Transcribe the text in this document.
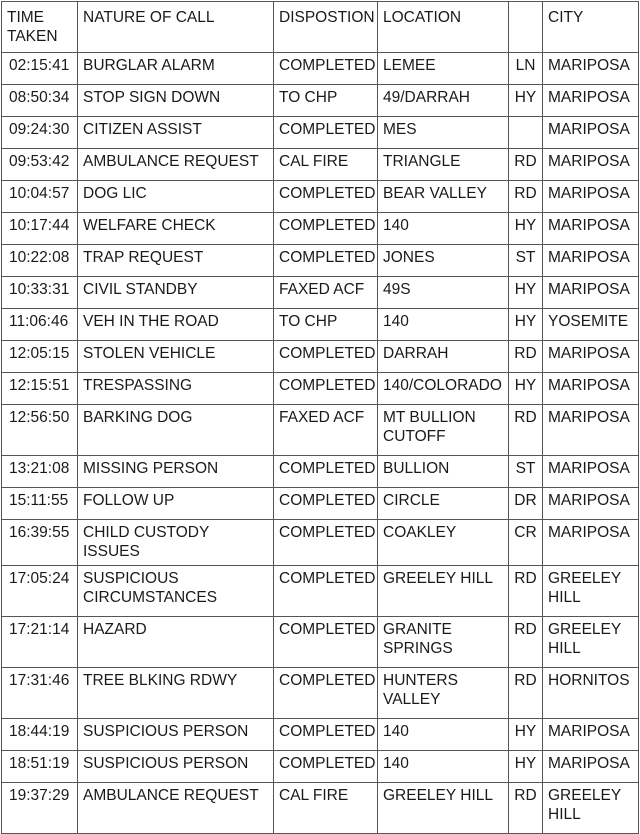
TIME
TAKEN	NATURE OF CALL	DISPOSTION	LOCATION		CITY
02:15:41	BURGLAR ALARM	COMPLETED	LEMEE	LN	MARIPOSA
08:50:34	STOP SIGN DOWN	TO CHP	49/DARRAH	HY	MARIPOSA
09:24:30	CITIZEN ASSIST	COMPLETED	MES		MARIPOSA
09:53:42	AMBULANCE REQUEST	CAL FIRE	TRIANGLE	RD	MARIPOSA
10:04:57	DOG LIC	COMPLETED	BEAR VALLEY	RD	MARIPOSA
10:17:44	WELFARE CHECK	COMPLETED	140	HY	MARIPOSA
10:22:08	TRAP REQUEST	COMPLETED	JONES	ST	MARIPOSA
10:33:31	CIVIL STANDBY	FAXED ACF	49S	HY	MARIPOSA
11:06:46	VEH IN THE ROAD	TO CHP	140	HY	YOSEMITE
12:05:15	STOLEN VEHICLE	COMPLETED	DARRAH	RD	MARIPOSA
12:15:51	TRESPASSING	COMPLETED	140/COLORADO	HY	MARIPOSA
12:56:50	BARKING DOG	FAXED ACF	MT BULLION CUTOFF	RD	MARIPOSA
13:21:08	MISSING PERSON	COMPLETED	BULLION	ST	MARIPOSA
15:11:55	FOLLOW UP	COMPLETED	CIRCLE	DR	MARIPOSA
16:39:55	CHILD CUSTODY ISSUES	COMPLETED	COAKLEY	CR	MARIPOSA
17:05:24	SUSPICIOUS CIRCUMSTANCES	COMPLETED	GREELEY HILL	RD	GREELEY HILL
17:21:14	HAZARD	COMPLETED	GRANITE SPRINGS	RD	GREELEY HILL
17:31:46	TREE BLKING RDWY	COMPLETED	HUNTERS VALLEY	RD	HORNITOS
18:44:19	SUSPICIOUS PERSON	COMPLETED	140	HY	MARIPOSA
18:51:19	SUSPICIOUS PERSON	COMPLETED	140	HY	MARIPOSA
19:37:29	AMBULANCE REQUEST	CAL FIRE	GREELEY HILL	RD	GREELEY HILL
